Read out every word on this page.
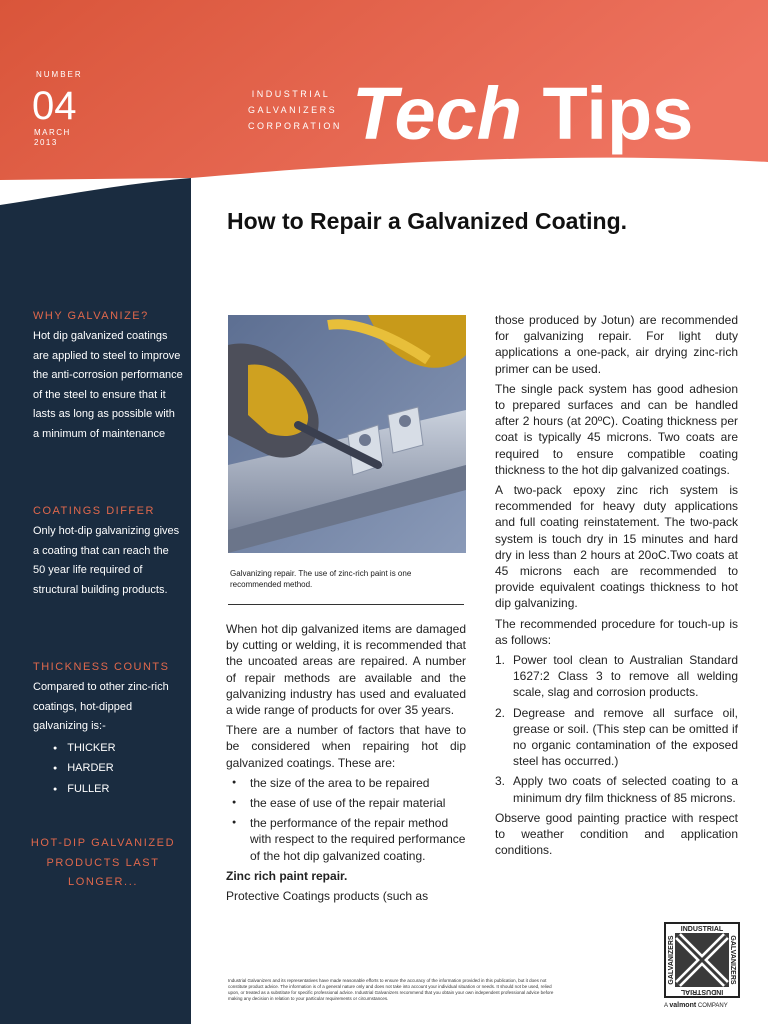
WHY GALVANIZE?
Hot dip galvanized coatings are applied to steel to improve the anti-corrosion performance of the steel to ensure that it lasts as long as possible with a minimum of maintenance
COATINGS DIFFER
Only hot-dip galvanizing gives a coating that can reach the 50 year life required of structural building products.
THICKNESS COUNTS
Compared to other zinc-rich coatings, hot-dipped galvanizing is:-
● THICKER
● HARDER
● FULLER
HOT-DIP GALVANIZED PRODUCTS LAST LONGER...
NUMBER
04
MARCH
2013
INDUSTRIAL
GALVANIZERS
CORPORATION Tech Tips
How to Repair a Galvanized Coating.
Galvanizing repair. The use of zinc-rich paint is one recommended method.

When hot dip galvanized items are damaged by cutting or welding, it is recommended that the uncoated areas are repaired. A number of repair methods are available and the galvanizing industry has used and evaluated a wide range of products for over 35 years.

There are a number of factors that have to be considered when repairing hot dip galvanized coatings. These are:

● the size of the area to be repaired
● the ease of use of the repair material
● the performance of the repair method with respect to the required performance of the hot dip galvanized coating.

Zinc rich paint repair.

Protective Coatings products (such as

those produced by Jotun) are recommended for galvanizing repair. For light duty applications a one-pack, air drying zinc-rich primer can be used.

The single pack system has good adhesion to prepared surfaces and can be handled after 2 hours (at 20ºC). Coating thickness per coat is typically 45 microns. Two coats are required to ensure compatible coating thickness to the hot dip galvanized coatings.

A two-pack epoxy zinc rich system is recommended for heavy duty applications and full coating reinstatement. The two-pack system is touch dry in 15 minutes and hard dry in less than 2 hours at 20oC.Two coats at 45 microns each are recommended to provide equivalent coatings thickness to hot dip galvanizing.

The recommended procedure for touch-up is as follows:

1. Power tool clean to Australian Standard 1627:2 Class 3 to remove all welding scale, slag and corrosion products.
2. Degrease and remove all surface oil, grease or soil. (This step can be omitted if no organic contamination of the exposed steel has occurred.)
3. Apply two coats of selected coating to a minimum dry film thickness of 85 microns.

Observe good painting practice with respect to weather condition and application conditions.

Industrial Galvanizers and its representatives have made reasonable efforts to ensure the accuracy of the information provided in this publication, but it does not constitute product advice. The information is of a general nature only and does not take into account your individual situation or needs. It should not be used, relied upon, or treated as a substitute for specific professional advice. Industrial Galvanizers recommend that you obtain your own independent professional advice before making any decision in relation to your particular requirements or circumstances.
INDUSTRIAL
INDUSTRIAL
GALVANIZERS
GALVANIZERS
A valmont COMPANY
